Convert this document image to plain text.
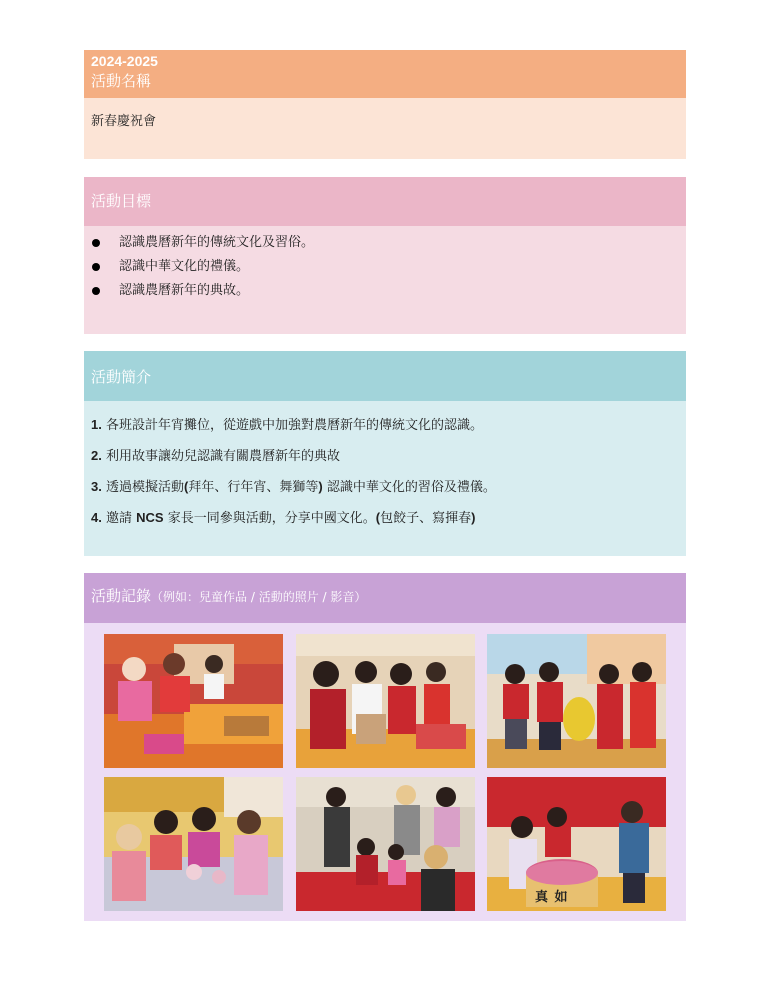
2024-2025
活動名稱
新春慶祝會
活動目標
認識農曆新年的傳統文化及習俗。
認識中華文化的禮儀。
認識農曆新年的典故。
活動簡介
1. 各班設計年宵攤位，從遊戲中加強對農曆新年的傳統文化的認識。
2. 利用故事讓幼兒認識有關農曆新年的典故
3. 透過模擬活動(拜年、行年宵、舞獅等) 認識中華文化的習俗及禮儀。
4. 邀請 NCS 家長一同參與活動，分享中國文化。(包餃子、寫揮春)
活動記錄（例如：兒童作品 / 活動的照片 / 影音）
真 如
